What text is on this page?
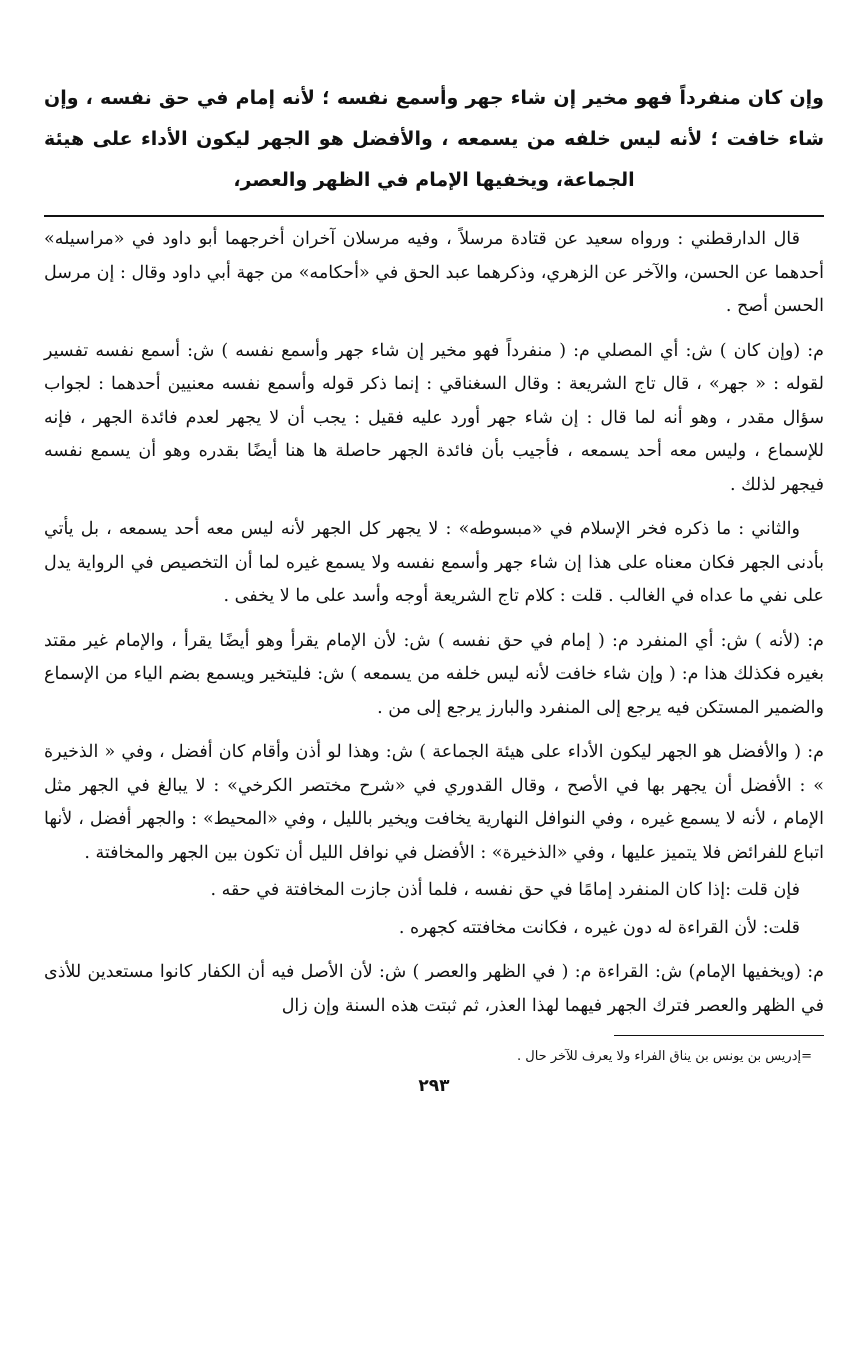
وإن كان منفرداً فهو مخير إن شاء جهر وأسمع نفسه ؛ لأنه إمام في حق نفسه ، وإن شاء خافت ؛ لأنه ليس خلفه من يسمعه ، والأفضل هو الجهر ليكون الأداء على هيئة الجماعة، ويخفيها الإمام في الظهر والعصر،

قال الدارقطني : ورواه سعيد عن قتادة مرسلاً ، وفيه مرسلان آخران أخرجهما أبو داود في «مراسيله» أحدهما عن الحسن، والآخر عن الزهري، وذكرهما عبد الحق في «أحكامه» من جهة أبي داود وقال : إن مرسل الحسن أصح .

م: (وإن كان ) ش: أي المصلي م: ( منفرداً فهو مخير إن شاء جهر وأسمع نفسه ) ش: أسمع نفسه تفسير لقوله : « جهر» ، قال تاج الشريعة : وقال السغناقي : إنما ذكر قوله وأسمع نفسه معنيين أحدهما : لجواب سؤال مقدر ، وهو أنه لما قال : إن شاء جهر أورد عليه فقيل : يجب أن لا يجهر لعدم فائدة الجهر ، فإنه للإسماع ، وليس معه أحد يسمعه ، فأجيب بأن فائدة الجهر حاصلة ها هنا أيضًا بقدره وهو أن يسمع نفسه فيجهر لذلك .

والثاني : ما ذكره فخر الإسلام في «مبسوطه» : لا يجهر كل الجهر لأنه ليس معه أحد يسمعه ، بل يأتي بأدنى الجهر فكان معناه على هذا إن شاء جهر وأسمع نفسه ولا يسمع غيره لما أن التخصيص في الرواية يدل على نفي ما عداه في الغالب . قلت : كلام تاج الشريعة أوجه وأسد على ما لا يخفى .

م: (لأنه ) ش: أي المنفرد م: ( إمام في حق نفسه ) ش: لأن الإمام يقرأ وهو أيضًا يقرأ ، والإمام غير مقتد بغيره فكذلك هذا م: ( وإن شاء خافت لأنه ليس خلفه من يسمعه ) ش: فليتخير ويسمع بضم الياء من الإسماع والضمير المستكن فيه يرجع إلى المنفرد والبارز يرجع إلى من .

م: ( والأفضل هو الجهر ليكون الأداء على هيئة الجماعة ) ش: وهذا لو أذن وأقام كان أفضل ، وفي « الذخيرة » : الأفضل أن يجهر بها في الأصح ، وقال القدوري في «شرح مختصر الكرخي» : لا يبالغ في الجهر مثل الإمام ، لأنه لا يسمع غيره ، وفي النوافل النهارية يخافت ويخير بالليل ، وفي «المحيط» : والجهر أفضل ، لأنها اتباع للفرائض فلا يتميز عليها ، وفي «الذخيرة» : الأفضل في نوافل الليل أن تكون بين الجهر والمخافتة .

فإن قلت :إذا كان المنفرد إمامًا في حق نفسه ، فلما أذن جازت المخافتة في حقه .

قلت: لأن القراءة له دون غيره ، فكانت مخافتته كجهره .

م: (ويخفيها الإمام) ش: القراءة م: ( في الظهر والعصر ) ش: لأن الأصل فيه أن الكفار كانوا مستعدين للأذى في الظهر والعصر فترك الجهر فيهما لهذا العذر، ثم ثبتت هذه السنة وإن زال

=إدريس بن يونس بن يناق الفراء ولا يعرف للآخر حال .

٢٩٣
